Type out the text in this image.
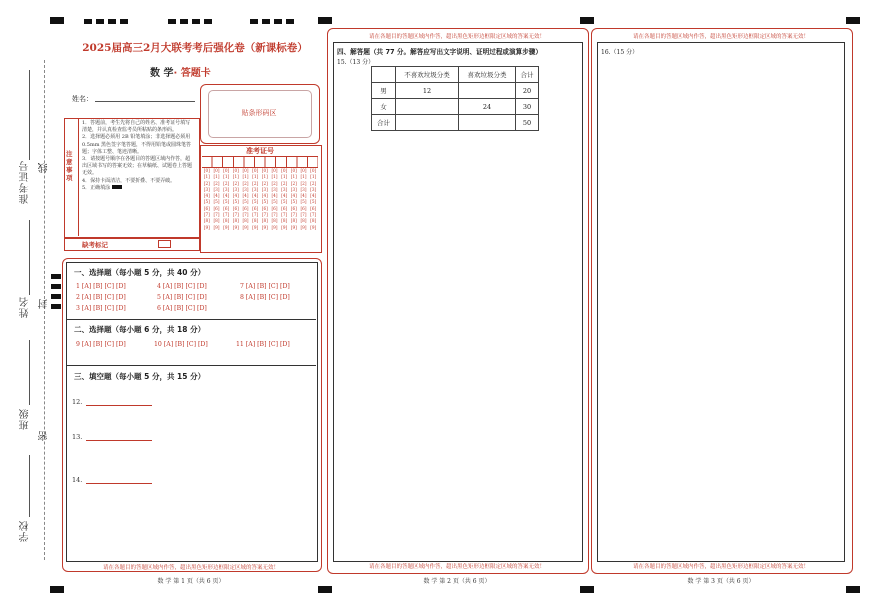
准考证号 线
姓名 封
班级
密
学校
2025届高三2月大联考考后强化卷（新课标卷）
数 学· 答题卡
姓名：
贴条形码区
注意事项
1．答题前，考生先将自己的姓名、准考证号填写清楚，并认真检查监考员所粘贴的条形码。
2．选择题必须用 2B 铅笔填涂；非选择题必须用 0.5mm 黑色签字笔答题，不得用铅笔或圆珠笔答题；字体工整、笔迹清晰。
3．请按题号顺序在各题目的答题区域内作答，超出区域书写的答案无效；在草稿纸、试题卷上答题无效。
4．保持卡面清洁，不要折叠、不要弄破。
5．正确填涂
准考证号
[0] [0] [0] [0] [0] [0] [0] [0] [0] [0] [0] [0]
[1] [1] [1] [1] [1] [1] [1] [1] [1] [1] [1] [1]
[2] [2] [2] [2] [2] [2] [2] [2] [2] [2] [2] [2]
[3] [3] [3] [3] [3] [3] [3] [3] [3] [3] [3] [3]
[4] [4] [4] [4] [4] [4] [4] [4] [4] [4] [4] [4]
[5] [5] [5] [5] [5] [5] [5] [5] [5] [5] [5] [5]
[6] [6] [6] [6] [6] [6] [6] [6] [6] [6] [6] [6]
[7] [7] [7] [7] [7] [7] [7] [7] [7] [7] [7] [7]
[8] [8] [8] [8] [8] [8] [8] [8] [8] [8] [8] [8]
[9] [9] [9] [9] [9] [9] [9] [9] [9] [9] [9] [9]
缺考标记
一、选择题（每小题 5 分，共 40 分）
1 [A] [B] [C] [D]	4 [A] [B] [C] [D]	7 [A] [B] [C] [D]
2 [A] [B] [C] [D]	5 [A] [B] [C] [D]	8 [A] [B] [C] [D]
3 [A] [B] [C] [D]	6 [A] [B] [C] [D]
二、选择题（每小题 6 分，共 18 分）
9 [A] [B] [C] [D]	10 [A] [B] [C] [D]	11 [A] [B] [C] [D]
三、填空题（每小题 5 分，共 15 分）
12.
13.
14.
请在各题目的答题区域内作答，超出黑色矩形边框限定区域的答案无效！
数 学 第 1 页（共 6 页）
请在各题目的答题区域内作答，超出黑色矩形边框限定区域的答案无效！
四、解答题（共 77 分。解答应写出文字说明、证明过程或演算步骤）
15.（13 分）
	不喜欢垃圾分类	喜欢垃圾分类	合计
男	12		20
女		24	30
合计			50
请在各题目的答题区域内作答，超出黑色矩形边框限定区域的答案无效！
数 学 第 2 页（共 6 页）
请在各题目的答题区域内作答，超出黑色矩形边框限定区域的答案无效！
16.（15 分）
请在各题目的答题区域内作答，超出黑色矩形边框限定区域的答案无效！
数 学 第 3 页（共 6 页）
